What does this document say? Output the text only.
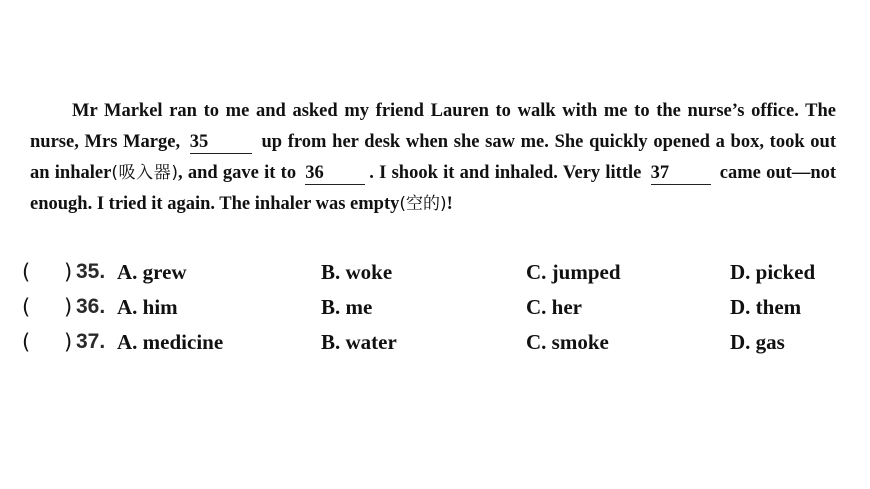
Mr Markel ran to me and asked my friend Lauren to walk with me to the nurse’s office. The nurse, Mrs Marge, 35	up from her desk when she saw me. She quickly opened a box, took out an inhaler(吸入器), and gave it to 36 . I shook it and inhaled. Very little 37 came out—not enough. I tried it again. The inhaler was empty(空的)!
( ) 35. A. grew	B. woke	C. jumped	D. picked
( ) 36. A. him	B. me	C. her	D. them
( ) 37. A. medicine	B. water	C. smoke	D. gas
